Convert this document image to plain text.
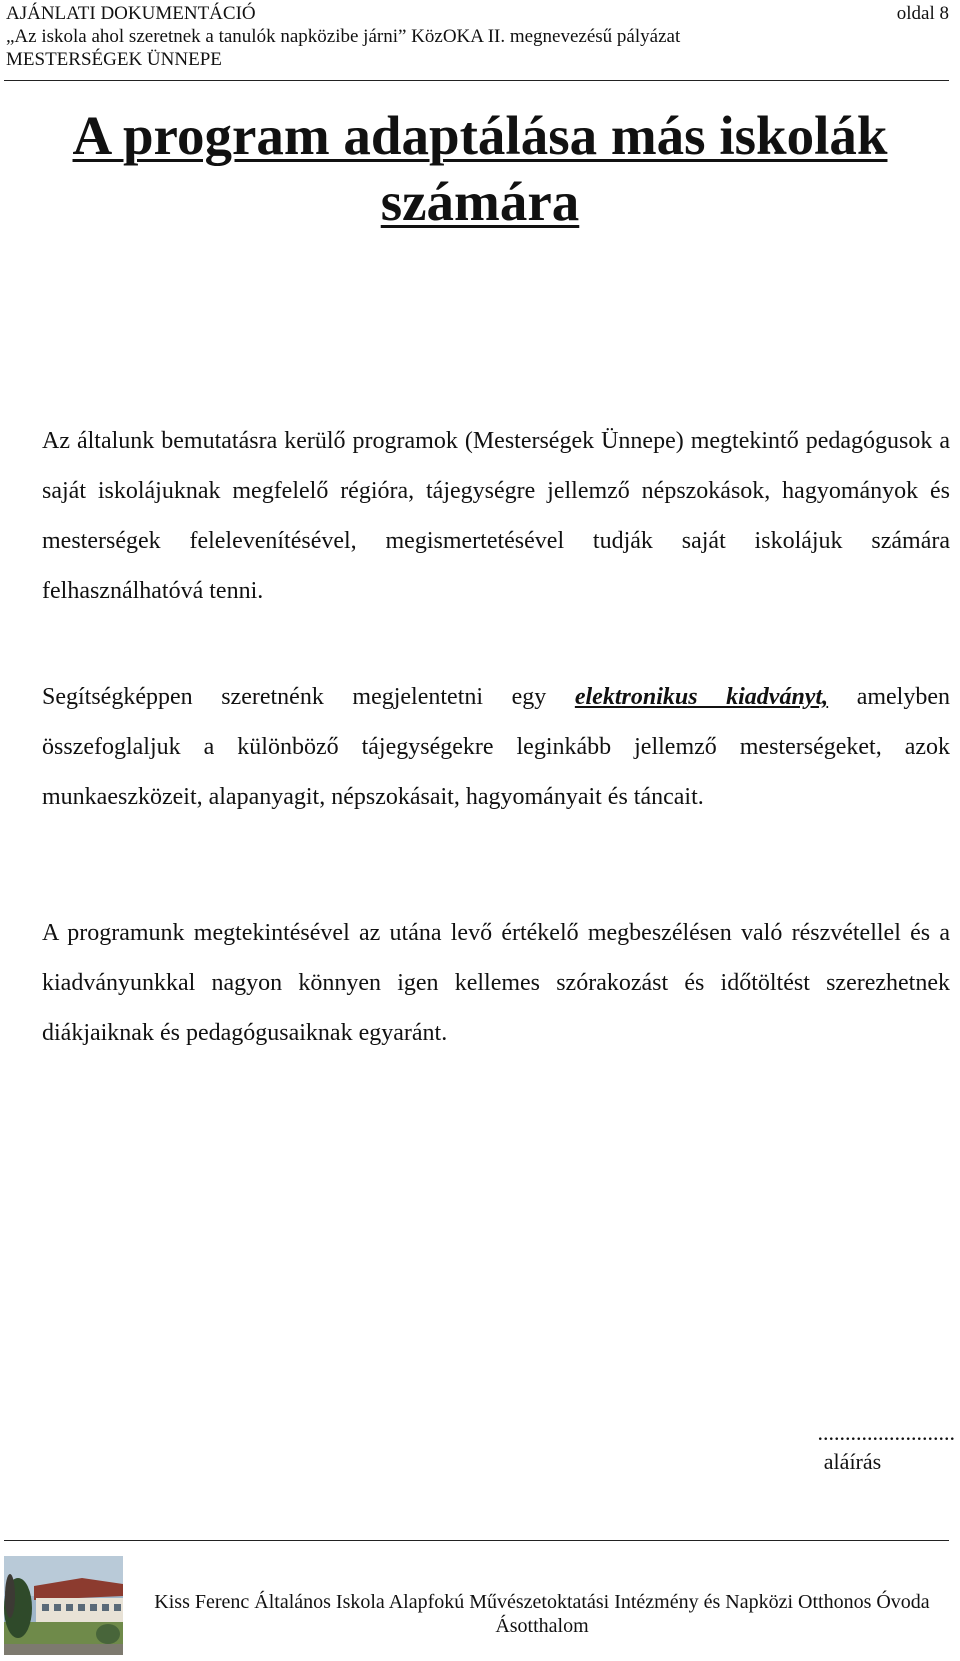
AJÁNLATI DOKUMENTÁCIÓ
„Az iskola ahol szeretnek a tanulók napközibe járni” KözOKA II. megnevezésű pályázat
MESTERSÉGEK ÜNNEPE
oldal 8
A program adaptálása más iskolák számára

Az általunk bemutatásra kerülő programok (Mesterségek Ünnepe) megtekintő pedagógusok a saját iskolájuknak megfelelő régióra, tájegységre jellemző népszokások, hagyományok és mesterségek felelevenítésével, megismertetésével tudják saját iskolájuk számára felhasználhatóvá tenni.

Segítségképpen szeretnénk megjelentetni egy elektronikus kiadványt, amelyben összefoglaljuk a különböző tájegységekre leginkább jellemző mesterségeket, azok munkaeszközeit, alapanyagit, népszokásait, hagyományait és táncait.

A programunk megtekintésével az utána levő értékelő megbeszélésen való részvétellel és a kiadványunkkal nagyon könnyen igen kellemes szórakozást és időtöltést szerezhetnek diákjaiknak és pedagógusaiknak egyaránt.

.........................
aláírás
Kiss Ferenc Általános Iskola Alapfokú Művészetoktatási Intézmény és Napközi Otthonos Óvoda
Ásotthalom
